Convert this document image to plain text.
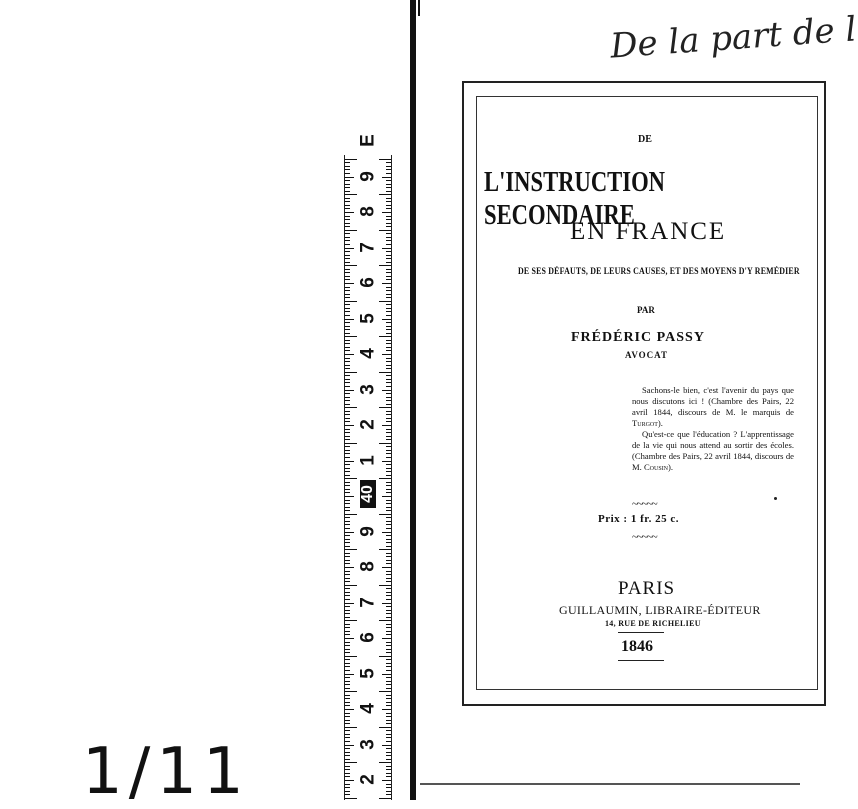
2
3
4
5
6
7
8
9
40
1
2
3
4
5
6
7
8
9
E
1/11
De la part de l
DE
L'INSTRUCTION SECONDAIRE
EN FRANCE
DE SES DÉFAUTS, DE LEURS CAUSES, ET DES MOYENS D'Y REMÉDIER
PAR
FRÉDÉRIC PASSY
AVOCAT

Sachons-le bien, c'est l'avenir du pays que nous discutons ici ! (Chambre des Pairs, 22 avril 1844, discours de M. le marquis de Turgot).

Qu'est-ce que l'éducation ? L'apprentissage de la vie qui nous attend au sortir des écoles. (Chambre des Pairs, 22 avril 1844, discours de M. Cousin).

~~~~~
Prix : 1 fr. 25 c.
~~~~~
PARIS
GUILLAUMIN, LIBRAIRE-ÉDITEUR
14, RUE DE RICHELIEU
1846
